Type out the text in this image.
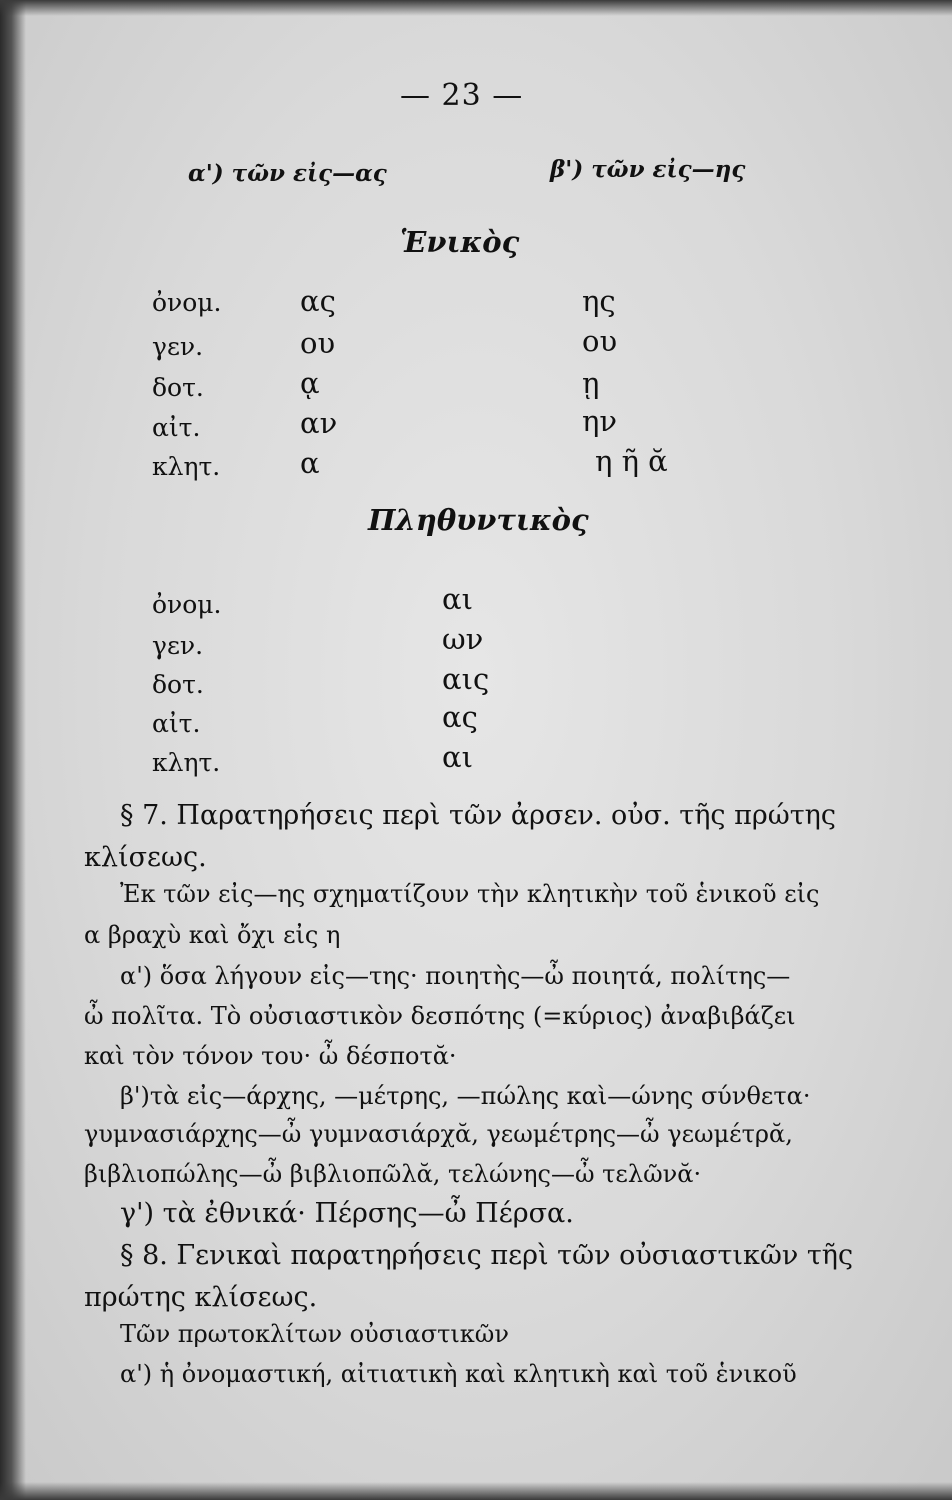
— 23 —
α') τῶν εἰς—ας	β') τῶν εἰς—ης
Ἑνικὸς
ὀνομ.	ας	ης
γεν.	ου	ου
δοτ.	ᾳ	ῃ
αἰτ.	αν	ην
κλητ.	α	η ῆ ᾰ
Πληθυντικὸς
ὀνομ.	αι
γεν.	ων
δοτ.	αις
αἰτ.	ας
κλητ.	αι
§ 7. Παρατηρήσεις περὶ τῶν ἀρσεν. οὐσ. τῆς πρώτης
κλίσεως.
Ἐκ τῶν εἰς—ης σχηματίζουν τὴν κλητικὴν τοῦ ἑνικοῦ εἰς
α βραχὺ καὶ ὄχι εἰς η
α') ὅσα λήγουν εἰς—της· ποιητὴς—ὦ ποιητά, πολίτης—
ὦ πολῖτα. Τὸ οὐσιαστικὸν δεσπότης (=κύριος) ἀναβιβάζει
καὶ τὸν τόνον του· ὦ δέσποτᾰ·
β')τὰ εἰς—άρχης, —μέτρης, —πώλης καὶ—ώνης σύνθετα·
γυμνασιάρχης—ὦ γυμνασιάρχᾰ, γεωμέτρης—ὦ γεωμέτρᾰ,
βιβλιοπώλης—ὦ βιβλιοπῶλᾰ, τελώνης—ὦ τελῶνᾰ·
γ') τὰ ἐθνικά· Πέρσης—ὦ Πέρσα.
§ 8. Γενικαὶ παρατηρήσεις περὶ τῶν οὐσιαστικῶν τῆς
πρώτης κλίσεως.
Τῶν πρωτοκλίτων οὐσιαστικῶν
α') ἡ ὀνομαστική, αἰτιατικὴ καὶ κλητικὴ καὶ τοῦ ἑνικοῦ
